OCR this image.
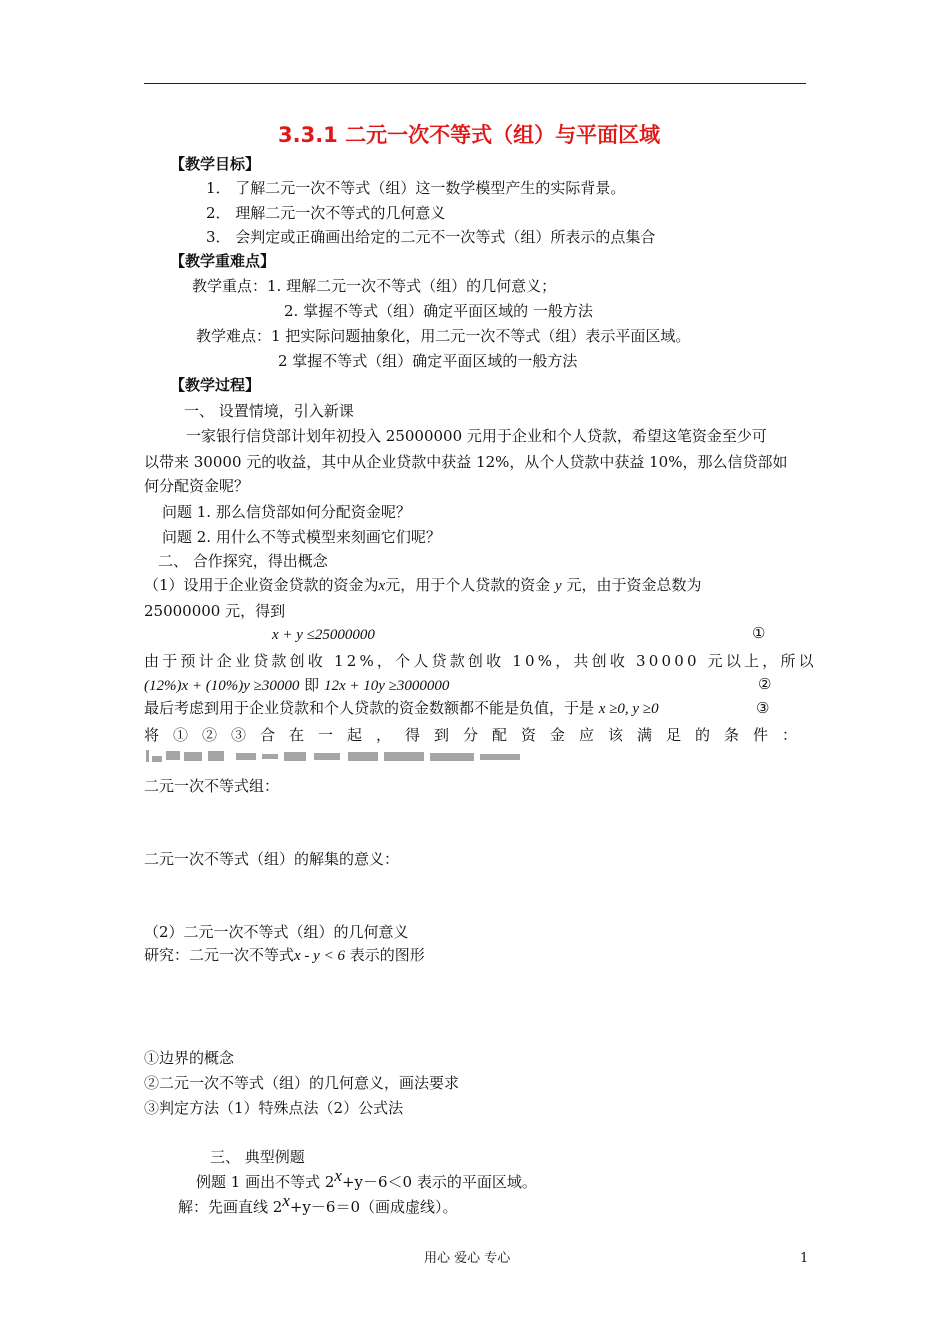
3.3.1 二元一次不等式（组）与平面区域
【教学目标】
1． 了解二元一次不等式（组）这一数学模型产生的实际背景。
2． 理解二元一次不等式的几何意义
3． 会判定或正确画出给定的二元不一次等式（组）所表示的点集合
【教学重难点】
教学重点：1. 理解二元一次不等式（组）的几何意义；
2. 掌握不等式（组）确定平面区域的 一般方法
教学难点：1 把实际问题抽象化，用二元一次不等式（组）表示平面区域。
2 掌握不等式（组）确定平面区域的一般方法
【教学过程】
一、 设置情境，引入新课
一家银行信贷部计划年初投入 25000000 元用于企业和个人贷款，希望这笔资金至少可
以带来 30000 元的收益，其中从企业贷款中获益 12%，从个人贷款中获益 10%，那么信贷部如
何分配资金呢？
问题 1. 那么信贷部如何分配资金呢？
问题 2. 用什么不等式模型来刻画它们呢？
二、 合作探究，得出概念
（1）设用于企业资金贷款的资金为x元，用于个人贷款的资金 y 元，由于资金总数为
25000000 元，得到
x + y ≤25000000	①
由于预计企业贷款创收 12%，个人贷款创收 10%，共创收 30000 元以上，所以
(12%)x + (10%)y ≥30000 即 12x + 10y ≥3000000	②
最后考虑到用于企业贷款和个人贷款的资金数额都不能是负值，于是 x ≥0, y ≥0	③
将①②③合在一起，得到分配资金应该满足的条件：
二元一次不等式组：
二元一次不等式（组）的解集的意义：
（2）二元一次不等式（组）的几何意义
研究：二元一次不等式x - y < 6 表示的图形
①边界的概念
②二元一次不等式（组）的几何意义，画法要求
③判定方法（1）特殊点法（2）公式法
三、 典型例题
例题 1 画出不等式 2x+y－6＜0 表示的平面区域。
解：先画直线 2x+y－6＝0（画成虚线）。
用心 爱心 专心	1
